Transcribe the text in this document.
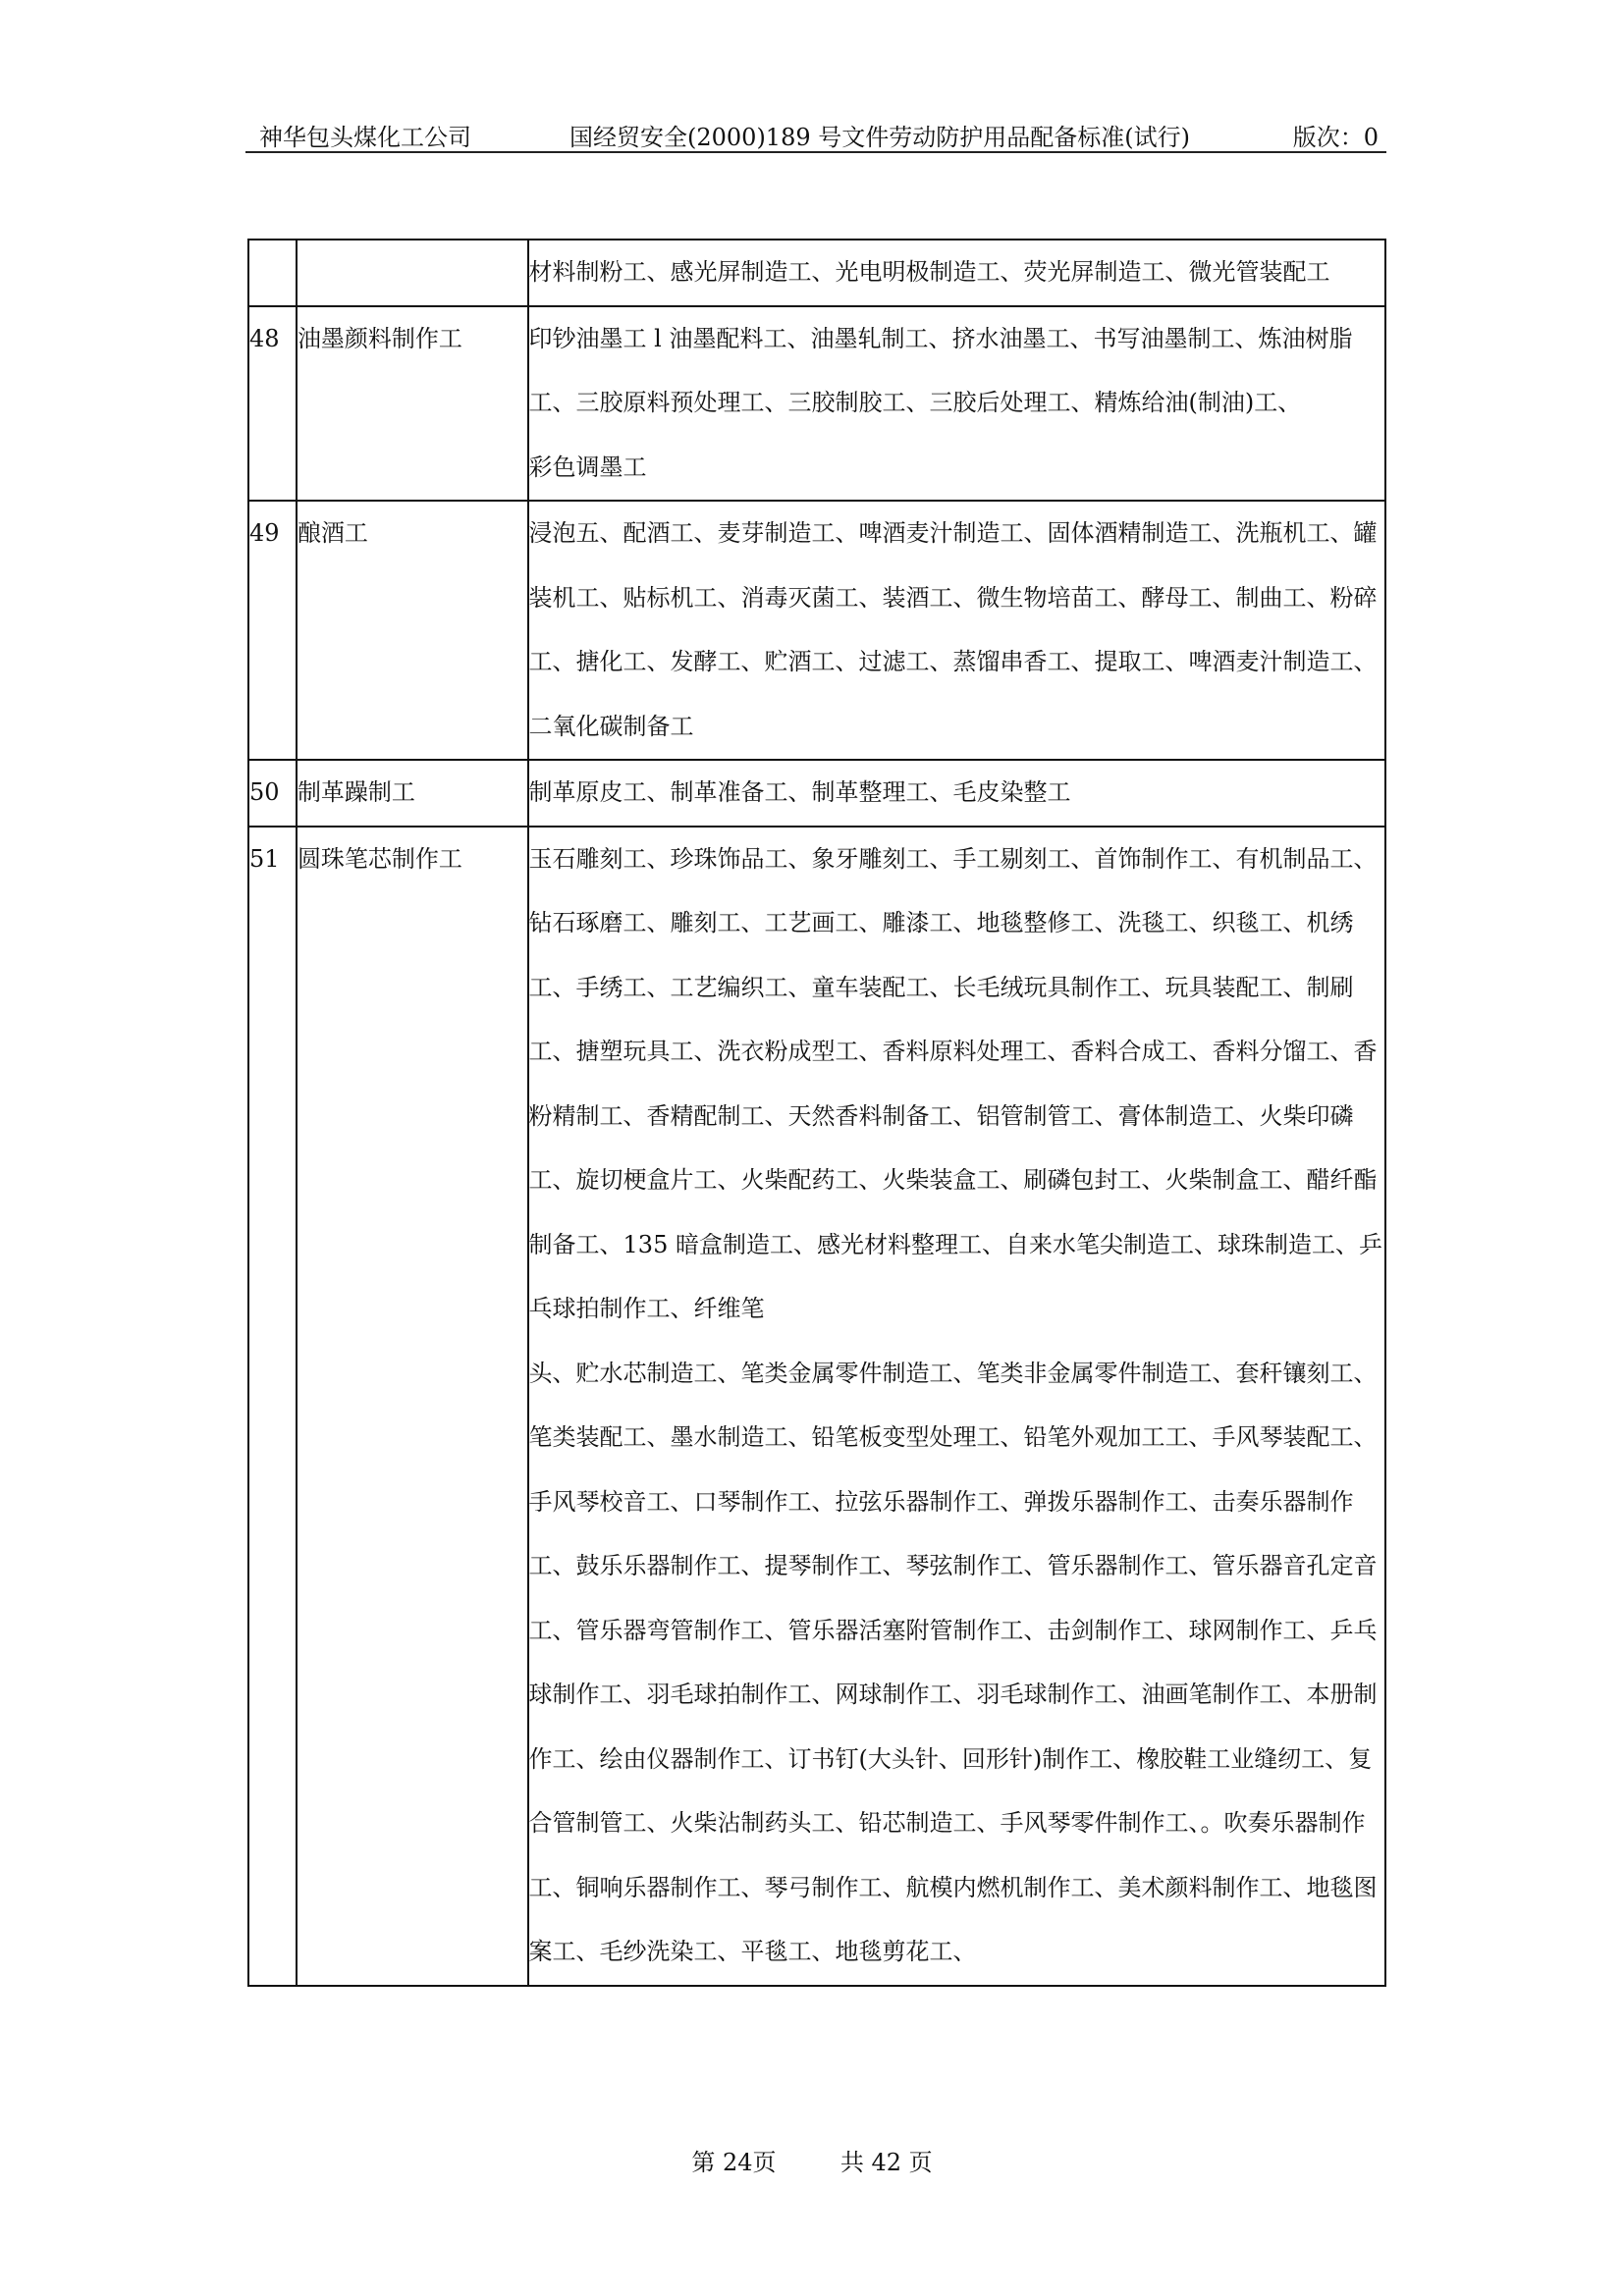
神华包头煤化工公司	国经贸安全(2000)189 号文件劳动防护用品配备标准(试行)	版次：0

		材料制粉工、感光屏制造工、光电明极制造工、荧光屏制造工、微光管装配工

48	油墨颜料制作工	印钞油墨工 l 油墨配料工、油墨轧制工、挤水油墨工、书写油墨制工、炼油树脂工、三胶原料预处理工、三胶制胶工、三胶后处理工、精炼给油(制油)工、
彩色调墨工

49	酿酒工	浸泡五、配酒工、麦芽制造工、啤酒麦汁制造工、固体酒精制造工、洗瓶机工、罐装机工、贴标机工、消毒灭菌工、装酒工、微生物培苗工、酵母工、制曲工、粉碎工、搪化工、发酵工、贮酒工、过滤工、蒸馏串香工、提取工、啤酒麦汁制造工、二氧化碳制备工

50	制革躁制工	制革原皮工、制革准备工、制革整理工、毛皮染整工

51	圆珠笔芯制作工	玉石雕刻工、珍珠饰品工、象牙雕刻工、手工剔刻工、首饰制作工、有机制品工、钻石琢磨工、雕刻工、工艺画工、雕漆工、地毯整修工、洗毯工、织毯工、机绣工、手绣工、工艺编织工、童车装配工、长毛绒玩具制作工、玩具装配工、制刷工、搪塑玩具工、洗衣粉成型工、香料原料处理工、香料合成工、香料分馏工、香粉精制工、香精配制工、天然香料制备工、铝管制管工、膏体制造工、火柴印磷工、旋切梗盒片工、火柴配药工、火柴装盒工、刷磷包封工、火柴制盒工、醋纤酯制备工、135 暗盒制造工、感光材料整理工、自来水笔尖制造工、球珠制造工、乒乓球拍制作工、纤维笔
头、贮水芯制造工、笔类金属零件制造工、笔类非金属零件制造工、套秆镶刻工、笔类装配工、墨水制造工、铅笔板变型处理工、铅笔外观加工工、手风琴装配工、手风琴校音工、口琴制作工、拉弦乐器制作工、弹拨乐器制作工、击奏乐器制作工、鼓乐乐器制作工、提琴制作工、琴弦制作工、管乐器制作工、管乐器音孔定音工、管乐器弯管制作工、管乐器活塞附管制作工、击剑制作工、球网制作工、乒乓球制作工、羽毛球拍制作工、网球制作工、羽毛球制作工、油画笔制作工、本册制作工、绘由仪器制作工、订书钉(大头针、回形针)制作工、橡胶鞋工业缝纫工、复合管制管工、火柴沾制药头工、铅芯制造工、手风琴零件制作工、。吹奏乐器制作工、铜响乐器制作工、琴弓制作工、航模内燃机制作工、美术颜料制作工、地毯图案工、毛纱洗染工、平毯工、地毯剪花工、
第 24页	共 42 页
